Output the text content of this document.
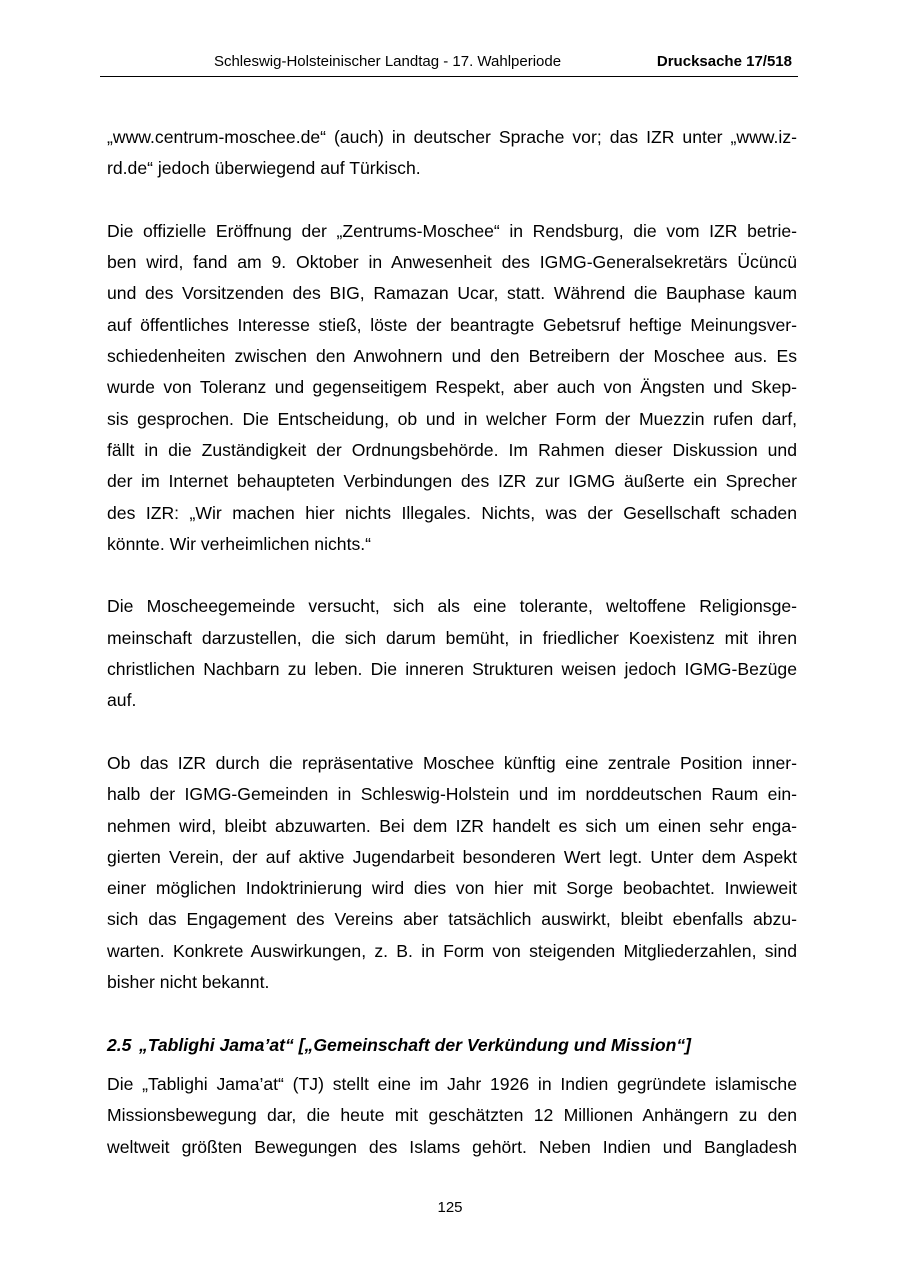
Schleswig-Holsteinischer Landtag - 17. Wahlperiode	Drucksache 17/518
„www.centrum-moschee.de“ (auch) in deutscher Sprache vor; das IZR unter „www.iz-
rd.de“ jedoch überwiegend auf Türkisch.
Die offizielle Eröffnung der „Zentrums-Moschee“ in Rendsburg, die vom IZR betrie-
ben wird, fand am 9. Oktober in Anwesenheit des IGMG-Generalsekretärs Ücüncü
und des Vorsitzenden des BIG, Ramazan Ucar, statt. Während die Bauphase kaum
auf öffentliches Interesse stieß, löste der beantragte Gebetsruf heftige Meinungsver-
schiedenheiten zwischen den Anwohnern und den Betreibern der Moschee aus. Es
wurde von Toleranz und gegenseitigem Respekt, aber auch von Ängsten und Skep-
sis gesprochen. Die Entscheidung, ob und in welcher Form der Muezzin rufen darf,
fällt in die Zuständigkeit der Ordnungsbehörde. Im Rahmen dieser Diskussion und
der im Internet behaupteten Verbindungen des IZR zur IGMG äußerte ein Sprecher
des IZR: „Wir machen hier nichts Illegales. Nichts, was der Gesellschaft schaden
könnte. Wir verheimlichen nichts.“
Die Moscheegemeinde versucht, sich als eine tolerante, weltoffene Religionsge-
meinschaft darzustellen, die sich darum bemüht, in friedlicher Koexistenz mit ihren
christlichen Nachbarn zu leben. Die inneren Strukturen weisen jedoch IGMG-Bezüge
auf.
Ob das IZR durch die repräsentative Moschee künftig eine zentrale Position inner-
halb der IGMG-Gemeinden in Schleswig-Holstein und im norddeutschen Raum ein-
nehmen wird, bleibt abzuwarten. Bei dem IZR handelt es sich um einen sehr enga-
gierten Verein, der auf aktive Jugendarbeit besonderen Wert legt. Unter dem Aspekt
einer möglichen Indoktrinierung wird dies von hier mit Sorge beobachtet. Inwieweit
sich das Engagement des Vereins aber tatsächlich auswirkt, bleibt ebenfalls abzu-
warten. Konkrete Auswirkungen, z. B. in Form von steigenden Mitgliederzahlen, sind
bisher nicht bekannt.
2.5 „Tablighi Jama’at“ [„Gemeinschaft der Verkündung und Mission“]
Die „Tablighi Jama’at“ (TJ) stellt eine im Jahr 1926 in Indien gegründete islamische
Missionsbewegung dar, die heute mit geschätzten 12 Millionen Anhängern zu den
weltweit größten Bewegungen des Islams gehört. Neben Indien und Bangladesh
125
